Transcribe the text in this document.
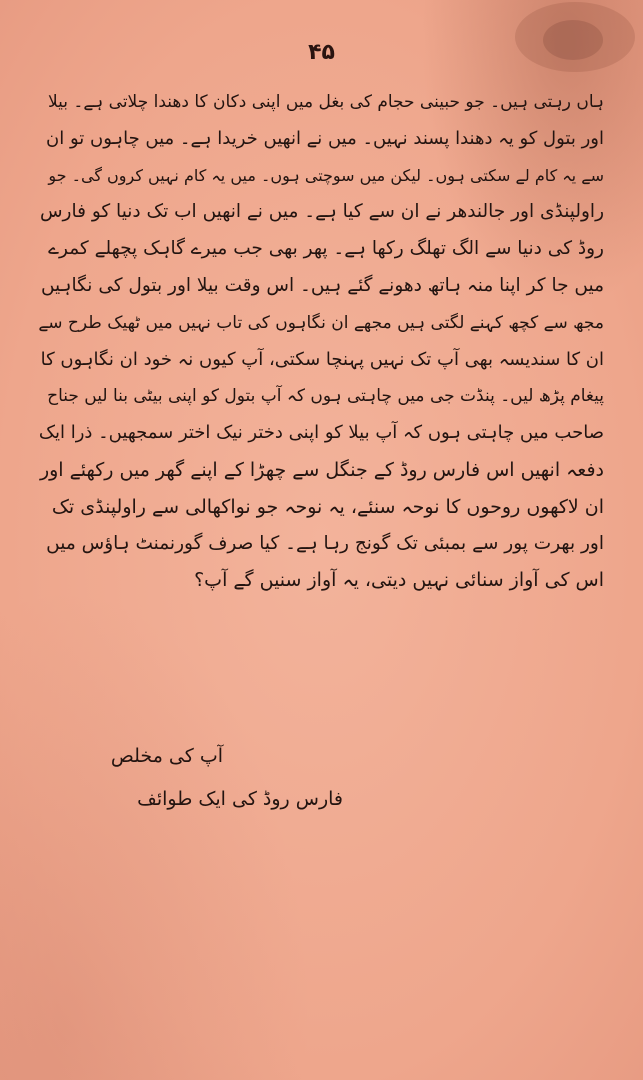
۴۵
ہاں رہتی ہیں۔ جو حبینی حجام کی بغل میں اپنی دکان کا دھندا چلاتی ہے۔ بیلا
اور بتول کو یہ دھندا پسند نہیں۔ میں نے انھیں خریدا ہے۔ میں چاہوں تو ان
سے یہ کام لے سکتی ہوں۔ لیکن میں سوچتی ہوں۔ میں یہ کام نہیں کروں گی۔ جو
راولپنڈی اور جالندھر نے ان سے کیا ہے۔ میں نے انھیں اب تک دنیا کو فارس
روڈ کی دنیا سے الگ تھلگ رکھا ہے۔ پھر بھی جب میرے گاہک پچھلے کمرے
میں جا کر اپنا منہ ہاتھ دھونے گئے ہیں۔ اس وقت بیلا اور بتول کی نگاہیں
مجھ سے کچھ کہنے لگتی ہیں مجھے ان نگاہوں کی تاب نہیں میں ٹھیک طرح سے
ان کا سندیسہ بھی آپ تک نہیں پہنچا سکتی، آپ کیوں نہ خود ان نگاہوں کا
پیغام پڑھ لیں۔ پنڈت جی میں چاہتی ہوں کہ آپ بتول کو اپنی بیٹی بنا لیں جناح
صاحب میں چاہتی ہوں کہ آپ بیلا کو اپنی دختر نیک اختر سمجھیں۔ ذرا ایک
دفعہ انھیں اس فارس روڈ کے جنگل سے چھڑا کے اپنے گھر میں رکھئے اور
ان لاکھوں روحوں کا نوحہ سنئے، یہ نوحہ جو نواکھالی سے راولپنڈی تک
اور بھرت پور سے بمبئی تک گونج رہا ہے۔ کیا صرف گورنمنٹ ہاؤس میں
اس کی آواز سنائی نہیں دیتی، یہ آواز سنیں گے آپ؟
آپ کی مخلص
فارس روڈ کی ایک طوائف
